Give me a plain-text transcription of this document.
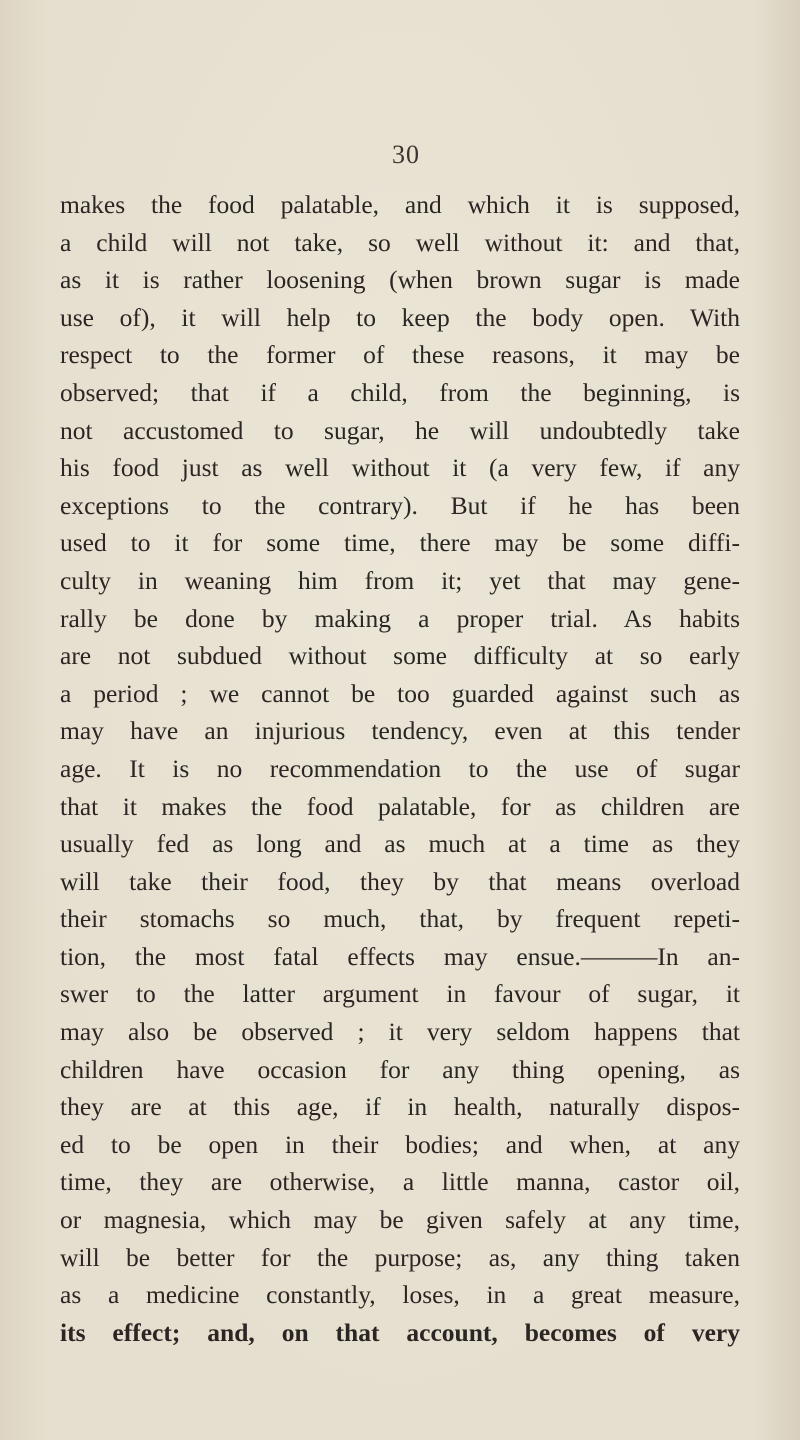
30
makes the food palatable, and which it is supposed,
a child will not take, so well without it: and that,
as it is rather loosening (when brown sugar is made
use of), it will help to keep the body open. With
respect to the former of these reasons, it may be
observed; that if a child, from the beginning, is
not accustomed to sugar, he will undoubtedly take
his food just as well without it (a very few, if any
exceptions to the contrary). But if he has been
used to it for some time, there may be some diffi-
culty in weaning him from it; yet that may gene-
rally be done by making a proper trial. As habits
are not subdued without some difficulty at so early
a period ; we cannot be too guarded against such as
may have an injurious tendency, even at this tender
age. It is no recommendation to the use of sugar
that it makes the food palatable, for as children are
usually fed as long and as much at a time as they
will take their food, they by that means overload
their stomachs so much, that, by frequent repeti-
tion, the most fatal effects may ensue.———In an-
swer to the latter argument in favour of sugar, it
may also be observed ; it very seldom happens that
children have occasion for any thing opening, as
they are at this age, if in health, naturally dispos-
ed to be open in their bodies; and when, at any
time, they are otherwise, a little manna, castor oil,
or magnesia, which may be given safely at any time,
will be better for the purpose; as, any thing taken
as a medicine constantly, loses, in a great measure,
its effect; and, on that account, becomes of very
